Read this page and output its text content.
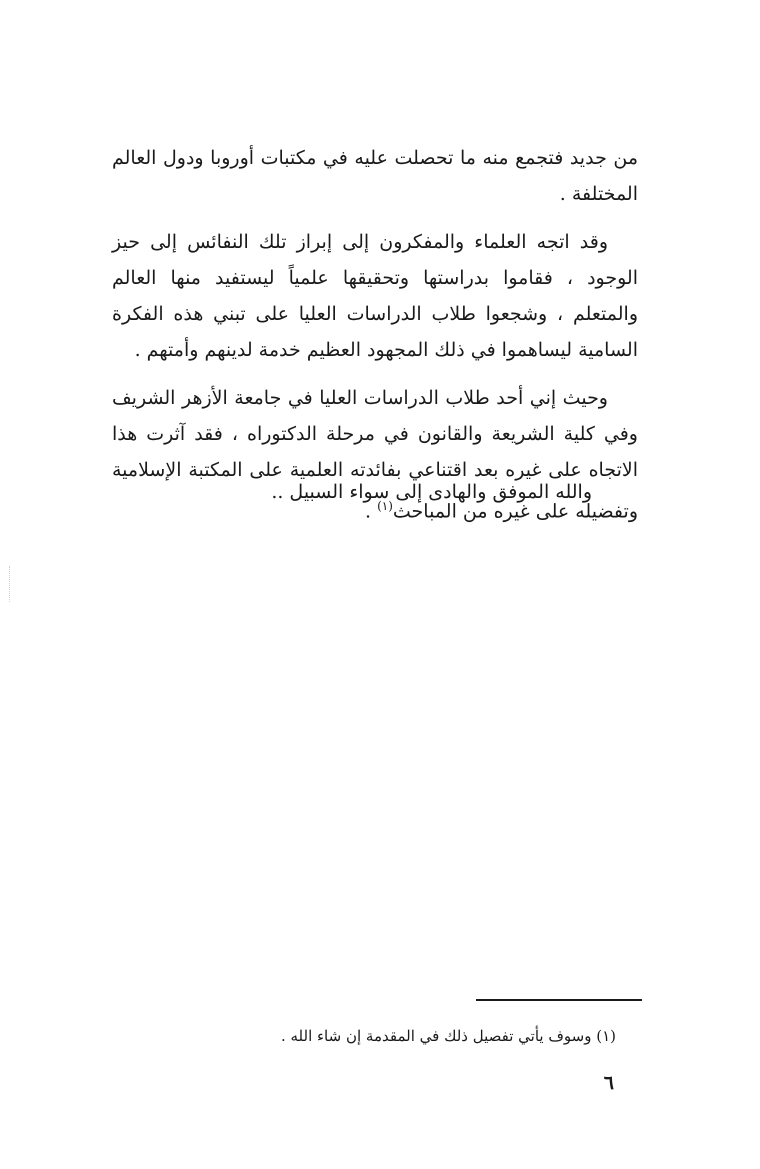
من جديد فتجمع منه ما تحصلت عليه في مكتبات أوروبا ودول العالم المختلفة .

وقد اتجه العلماء والمفكرون إلى إبراز تلك النفائس إلى حيز الوجود ، فقاموا بدراستها وتحقيقها علمياً ليستفيد منها العالم والمتعلم ، وشجعوا طلاب الدراسات العليا على تبني هذه الفكرة السامية ليساهموا في ذلك المجهود العظيم خدمة لدينهم وأمتهم .

وحيث إني أحد طلاب الدراسات العليا في جامعة الأزهر الشريف وفي كلية الشريعة والقانون في مرحلة الدكتوراه ، فقد آثرت هذا الاتجاه على غيره بعد اقتناعي بفائدته العلمية على المكتبة الإسلامية وتفضيله على غيره من المباحث$^{(١)}$ .

والله الموفق والهادى إلى سواء السبيل ..
(١) وسوف يأتي تفصيل ذلك في المقدمة إن شاء الله .
٦
